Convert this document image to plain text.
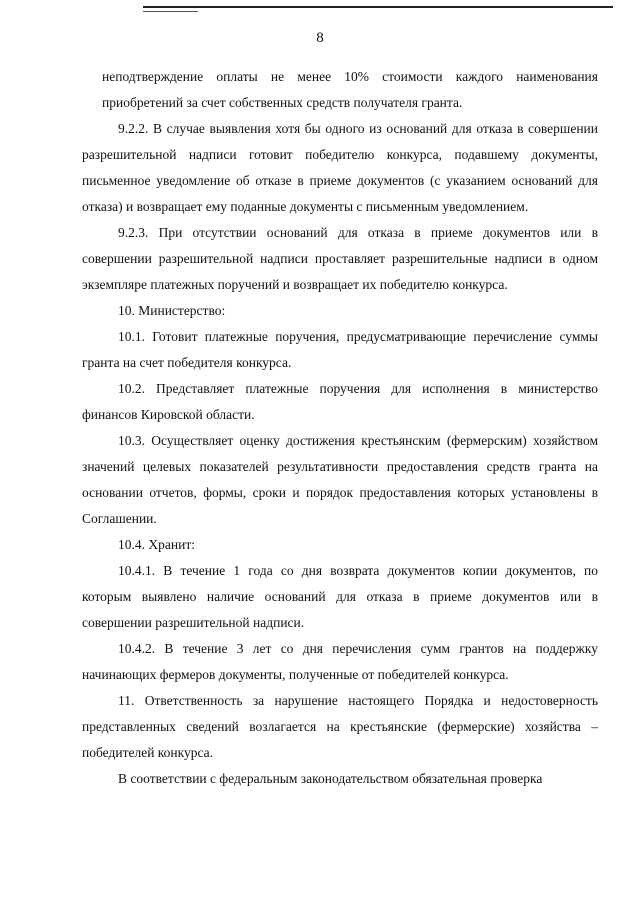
8

неподтверждение оплаты не менее 10% стоимости каждого наименования приобретений за счет собственных средств получателя гранта.

9.2.2. В случае выявления хотя бы одного из оснований для отказа в совершении разрешительной надписи готовит победителю конкурса, подавшему документы, письменное уведомление об отказе в приеме документов (с указанием оснований для отказа) и возвращает ему поданные документы с письменным уведомлением.

9.2.3. При отсутствии оснований для отказа в приеме документов или в совершении разрешительной надписи проставляет разрешительные надписи в одном экземпляре платежных поручений и возвращает их победителю конкурса.

10. Министерство:

10.1. Готовит платежные поручения, предусматривающие перечисление суммы гранта на счет победителя конкурса.

10.2. Представляет платежные поручения для исполнения в министерство финансов Кировской области.

10.3. Осуществляет оценку достижения крестьянским (фермерским) хозяйством значений целевых показателей результативности предоставления средств гранта на основании отчетов, формы, сроки и порядок предоставления которых установлены в Соглашении.

10.4. Хранит:

10.4.1. В течение 1 года со дня возврата документов копии документов, по которым выявлено наличие оснований для отказа в приеме документов или в совершении разрешительной надписи.

10.4.2. В течение 3 лет со дня перечисления сумм грантов на поддержку начинающих фермеров документы, полученные от победителей конкурса.

11. Ответственность за нарушение настоящего Порядка и недостоверность представленных сведений возлагается на крестьянские (фермерские) хозяйства – победителей конкурса.

В соответствии с федеральным законодательством обязательная проверка
